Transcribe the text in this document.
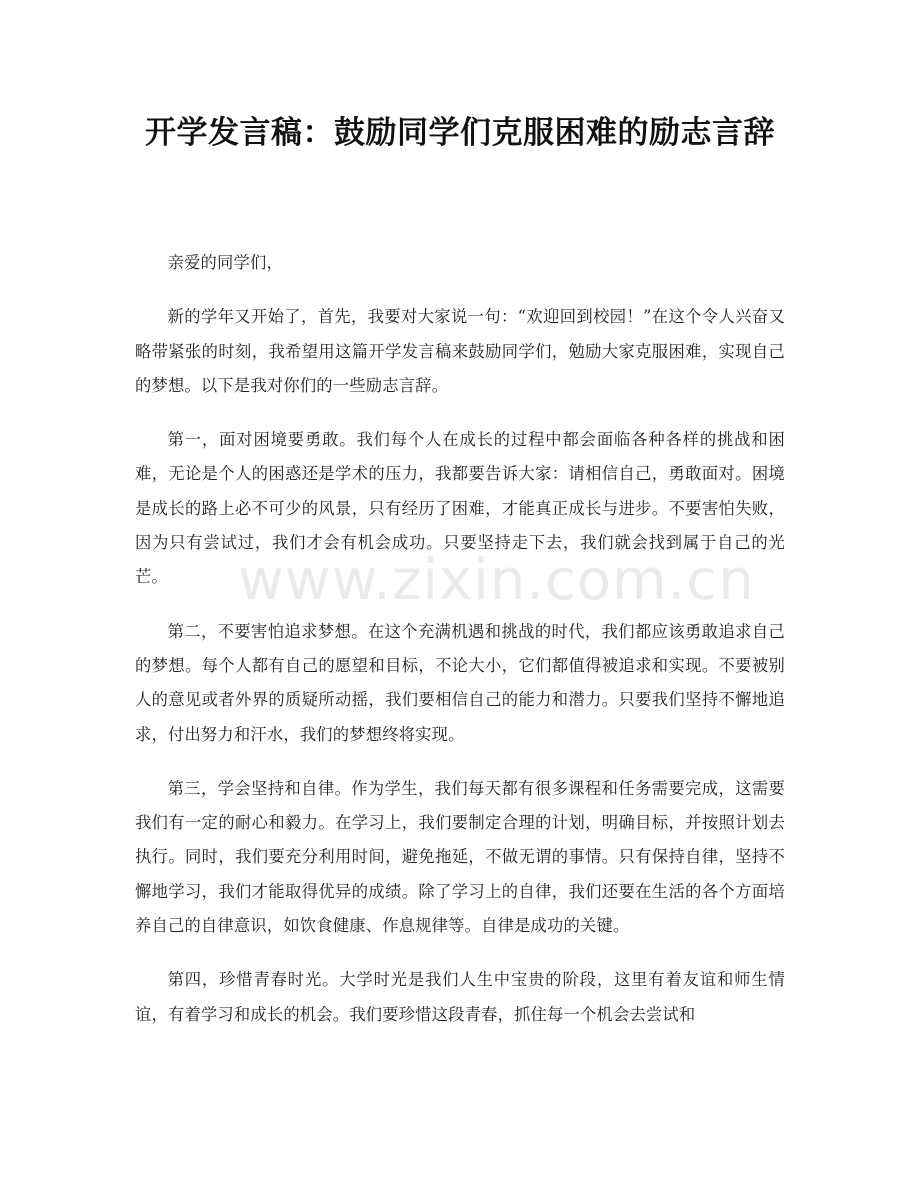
开学发言稿：鼓励同学们克服困难的励志言辞

亲爱的同学们，

新的学年又开始了，首先，我要对大家说一句：“欢迎回到校园！”在这个令人兴奋又略带紧张的时刻，我希望用这篇开学发言稿来鼓励同学们，勉励大家克服困难，实现自己的梦想。以下是我对你们的一些励志言辞。

第一，面对困境要勇敢。我们每个人在成长的过程中都会面临各种各样的挑战和困难，无论是个人的困惑还是学术的压力，我都要告诉大家：请相信自己，勇敢面对。困境是成长的路上必不可少的风景，只有经历了困难，才能真正成长与进步。不要害怕失败，因为只有尝试过，我们才会有机会成功。只要坚持走下去，我们就会找到属于自己的光芒。

第二，不要害怕追求梦想。在这个充满机遇和挑战的时代，我们都应该勇敢追求自己的梦想。每个人都有自己的愿望和目标，不论大小，它们都值得被追求和实现。不要被别人的意见或者外界的质疑所动摇，我们要相信自己的能力和潜力。只要我们坚持不懈地追求，付出努力和汗水，我们的梦想终将实现。

第三，学会坚持和自律。作为学生，我们每天都有很多课程和任务需要完成，这需要我们有一定的耐心和毅力。在学习上，我们要制定合理的计划，明确目标，并按照计划去执行。同时，我们要充分利用时间，避免拖延，不做无谓的事情。只有保持自律，坚持不懈地学习，我们才能取得优异的成绩。除了学习上的自律，我们还要在生活的各个方面培养自己的自律意识，如饮食健康、作息规律等。自律是成功的关键。

第四，珍惜青春时光。大学时光是我们人生中宝贵的阶段，这里有着友谊和师生情谊，有着学习和成长的机会。我们要珍惜这段青春，抓住每一个机会去尝试和

www.zixin.com.cn
